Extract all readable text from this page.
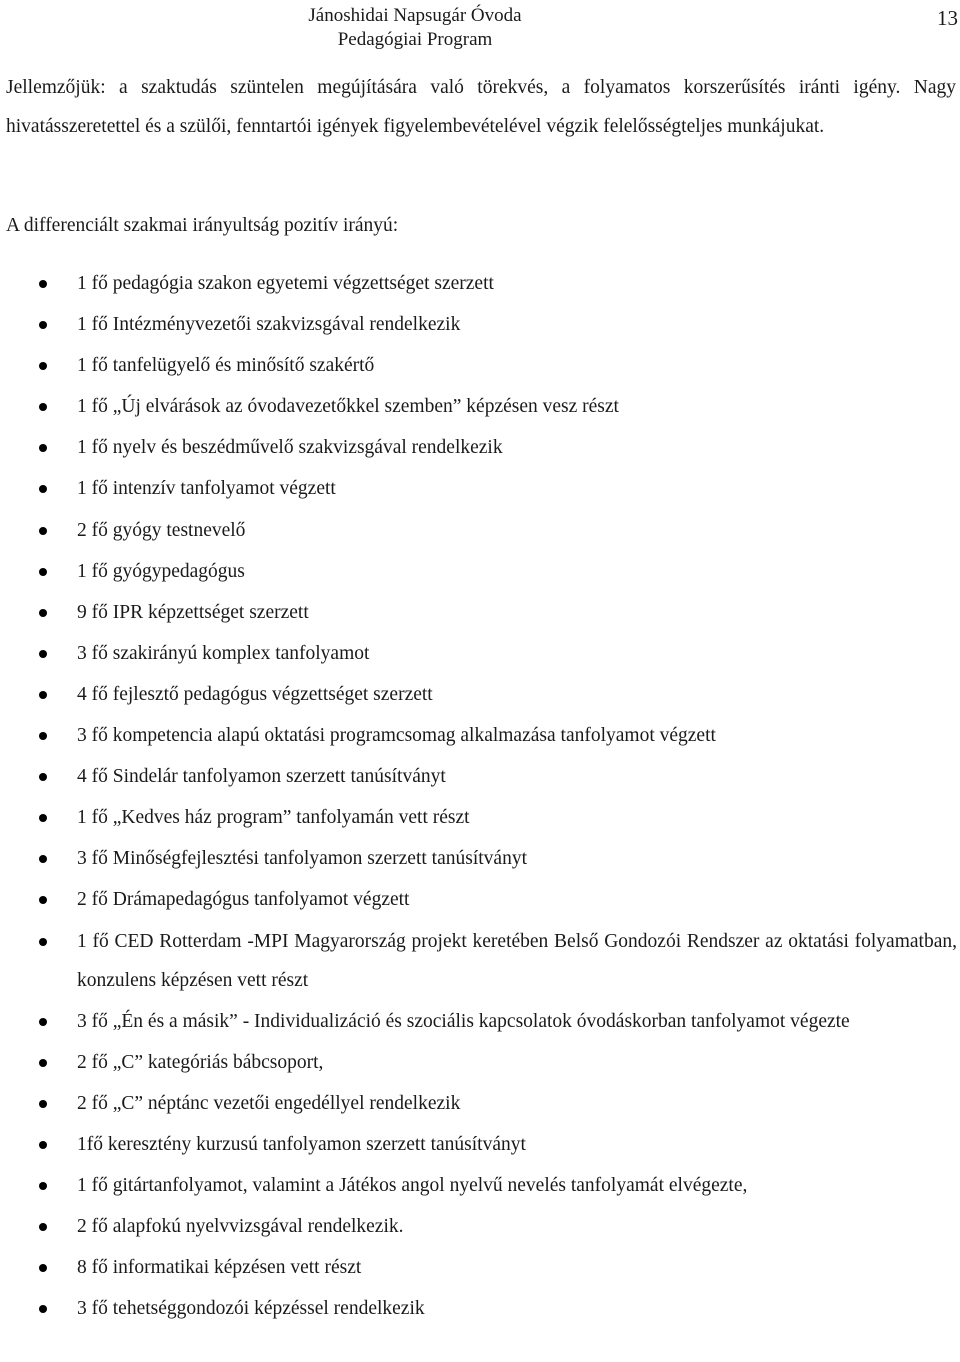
Jánoshidai Napsugár Óvoda
Pedagógiai Program
13

Jellemzőjük: a szaktudás szüntelen megújítására való törekvés, a folyamatos korszerűsítés iránti igény. Nagy hivatásszeretettel és a szülői, fenntartói igények figyelembevételével végzik felelősségteljes munkájukat.

A differenciált szakmai irányultság pozitív irányú:
1 fő pedagógia szakon egyetemi végzettséget szerzett
1 fő Intézményvezetői szakvizsgával rendelkezik
1 fő tanfelügyelő és minősítő szakértő
1 fő „Új elvárások az óvodavezetőkkel szemben” képzésen vesz részt
1 fő nyelv és beszédművelő szakvizsgával rendelkezik
1 fő intenzív tanfolyamot végzett
2 fő gyógy testnevelő
1 fő gyógypedagógus
9 fő IPR képzettséget szerzett
3 fő szakirányú komplex tanfolyamot
4 fő fejlesztő pedagógus végzettséget szerzett
3 fő kompetencia alapú oktatási programcsomag alkalmazása tanfolyamot végzett
4 fő Sindelár tanfolyamon szerzett tanúsítványt
1 fő „Kedves ház program” tanfolyamán vett részt
3 fő Minőségfejlesztési tanfolyamon szerzett tanúsítványt
2 fő Drámapedagógus tanfolyamot végzett
1 fő CED Rotterdam -MPI Magyarország projekt keretében Belső Gondozói Rendszer az oktatási folyamatban, konzulens képzésen vett részt
3 fő „Én és a másik” - Individualizáció és szociális kapcsolatok óvodáskorban tanfolyamot végezte
2 fő „C” kategóriás bábcsoport,
2 fő „C” néptánc vezetői engedéllyel rendelkezik
1fő keresztény kurzusú tanfolyamon szerzett tanúsítványt
1 fő gitártanfolyamot, valamint a Játékos angol nyelvű nevelés tanfolyamát elvégezte,
2 fő alapfokú nyelvvizsgával rendelkezik.
8 fő informatikai képzésen vett részt
3 fő tehetséggondozói képzéssel rendelkezik
